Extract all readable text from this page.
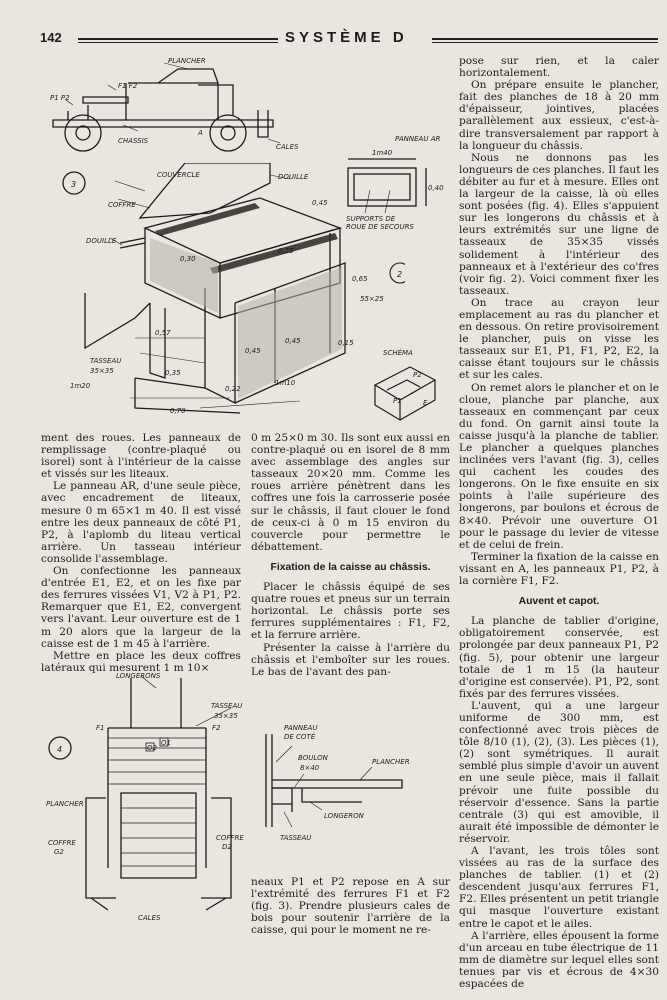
142	SYSTÈME D
PLANCHER
F1 F2
P1 P2
CHASSIS
A
CALES
3
COUVERCLE
COFFRE
DOUILLE
DOUILLE
0,45
0,30
0,25
0,65	2
55×25
0,57
TASSEAU
35×35	0,35
0,45
0,45	0,15
1m20
0,70
0,22
1m10
PANNEAU AR
1m40
0,40
SUPPORTS DE
ROUE DE SECOURS
SCHÉMA
P2
P1	E

ment des roues. Les panneaux de remplissage (contre-plaqué ou isorel) sont à l'intérieur de la caisse et vissés sur les liteaux.

Le panneau AR, d'une seule pièce, avec encadrement de liteaux, mesure 0 m 65×1 m 40. Il est vissé entre les deux panneaux de côté P1, P2, à l'aplomb du liteau vertical arrière. Un tasseau intérieur consolide l'assemblage.

On confectionne les panneaux d'entrée E1, E2, et on les fixe par des ferrures vissées V1, V2 à P1, P2. Remarquer que E1, E2, convergent vers l'avant. Leur ouverture est de 1 m 20 alors que la largeur de la caisse est de 1 m 45 à l'arrière.

Mettre en place les deux coffres latéraux qui mesurent 1 m 10×

0 m 25×0 m 30. Ils sont eux aussi en contre-plaqué ou en isorel de 8 mm avec assemblage des angles sur tasseaux 20×20 mm. Comme les roues arrière pénètrent dans les coffres une fois la carrosserie posée sur le châssis, il faut clouer le fond de ceux-ci à 0 m 15 environ du couvercle pour permettre le débattement.

Fixation de la caisse au châssis.

Placer le châssis équipé de ses quatre roues et pneus sur un terrain horizontal. Le châssis porte ses ferrures supplémentaires : F1, F2, et la ferrure arrière.

Présenter la caisse à l'arrière du châssis et l'emboîter sur les roues. Le bas de l'avant des pan-

4
LONGERONS
TASSEAU
35×35
F1	F2
O2
O1
PLANCHER
COFFRE
G2
COFFRE
D2
CALES
PANNEAU
DE COTÉ
BOULON
8×40
PLANCHER
LONGERON
TASSEAU

neaux P1 et P2 repose en A sur l'extrémité des ferrures F1 et F2 (fig. 3). Prendre plusieurs cales de bois pour soutenir l'arrière de la caisse, qui pour le moment ne re-

pose sur rien, et la caler horizontalement.

On prépare ensuite le plancher, fait des planches de 18 à 20 mm d'épaisseur, jointives, placées parallèlement aux essieux, c'est-à-dire transversalement par rapport à la longueur du châssis.

Nous ne donnons pas les longueurs de ces planches. Il faut les débiter au fur et à mesure. Elles ont la largeur de la caisse, là où elles sont posées (fig. 4). Elles s'appuient sur les longerons du châssis et à leurs extrémités sur une ligne de tasseaux de 35×35 vissés solidement à l'intérieur des panneaux et à l'extérieur des co'fres (voir fig. 2). Voici comment fixer les tasseaux.

On trace au crayon leur emplacement au ras du plancher et en dessous. On retire provisoirement le plancher, puis on visse les tasseaux sur E1, P1, F1, P2, E2, la caisse étant toujours sur le châssis et sur les cales.

On remet alors le plancher et on le cloue, planche par planche, aux tasseaux en commençant par ceux du fond. On garnit ainsi toute la caisse jusqu'à la planche de tablier. Le plancher a quelques planches inclinées vers l'avant (fig. 3), celles qui cachent les coudes des longerons. On le fixe ensuite en six points à l'aile supérieure des longerons, par boulons et écrous de 8×40. Prévoir une ouverture O1 pour le passage du levier de vitesse et de celui de frein.

Terminer la fixation de la caisse en vissant en A, les panneaux P1, P2, à la cornière F1, F2.

Auvent et capot.

La planche de tablier d'origine, obligatoirement conservée, est prolongée par deux panneaux P1, P2 (fig. 5), pour obtenir une largeur totale de 1 m 15 (la hauteur d'origine est conservée). P1, P2, sont fixés par des ferrures vissées.

L'auvent, qui a une largeur uniforme de 300 mm, est confectionné avec trois pièces de tôle 8/10 (1), (2), (3). Les pièces (1), (2) sont symétriques. Il aurait semblé plus simple d'avoir un auvent en une seule pièce, mais il fallait prévoir une fuite possible du réservoir d'essence. Sans la partie centrale (3) qui est amovible, il aurait été impossible de démonter le réservoir.

A l'avant, les trois tôles sont vissées au ras de la surface des planches de tablier. (1) et (2) descendent jusqu'aux ferrures F1, F2. Elles présentent un petit triangle qui masque l'ouverture existant entre le capot et le ailes.

A l'arrière, elles épousent la forme d'un arceau en tube électrique de 11 mm de diamètre sur lequel elles sont tenues par vis et écrous de 4×30 espacées de
